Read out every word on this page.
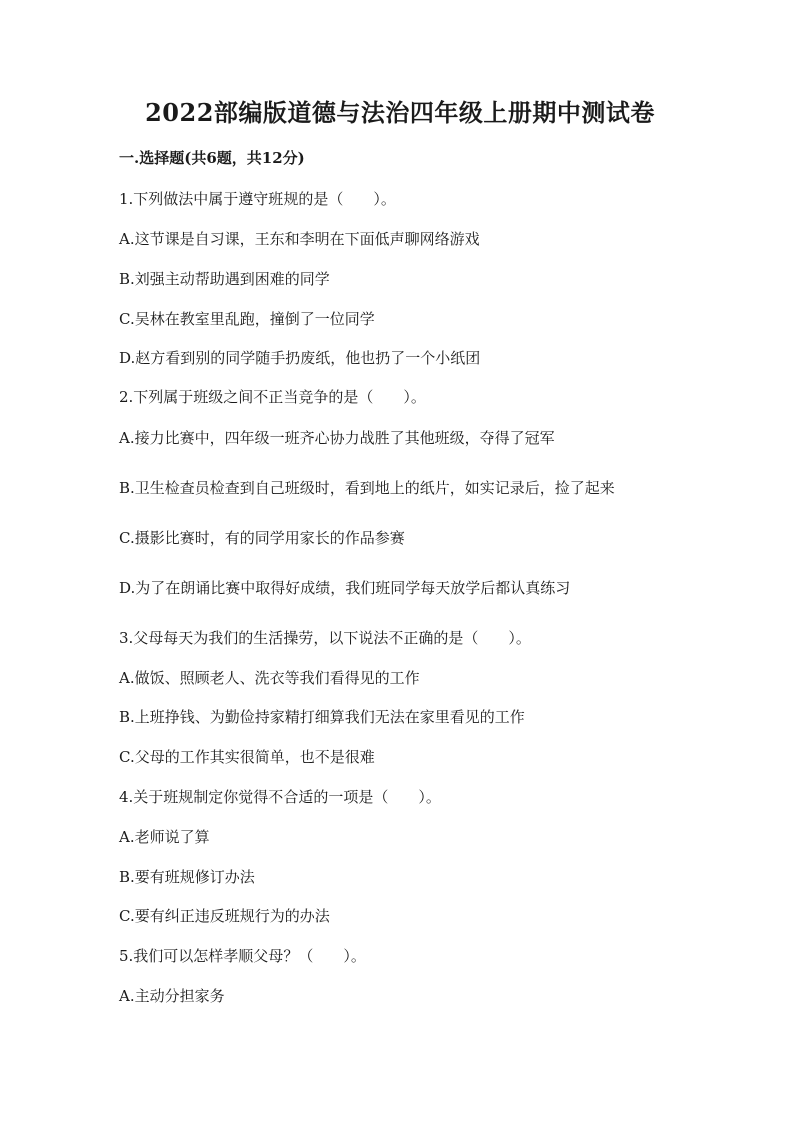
2022部编版道德与法治四年级上册期中测试卷
一.选择题(共6题，共12分)
1.下列做法中属于遵守班规的是（　　）。
A.这节课是自习课，王东和李明在下面低声聊网络游戏
B.刘强主动帮助遇到困难的同学
C.吴林在教室里乱跑，撞倒了一位同学
D.赵方看到别的同学随手扔废纸，他也扔了一个小纸团
2.下列属于班级之间不正当竞争的是（　　）。
A.接力比赛中，四年级一班齐心协力战胜了其他班级，夺得了冠军
B.卫生检查员检查到自己班级时，看到地上的纸片，如实记录后，捡了起来
C.摄影比赛时，有的同学用家长的作品参赛
D.为了在朗诵比赛中取得好成绩，我们班同学每天放学后都认真练习
3.父母每天为我们的生活操劳，以下说法不正确的是（　　）。
A.做饭、照顾老人、洗衣等我们看得见的工作
B.上班挣钱、为勤俭持家精打细算我们无法在家里看见的工作
C.父母的工作其实很简单，也不是很难
4.关于班规制定你觉得不合适的一项是（　　）。
A.老师说了算
B.要有班规修订办法
C.要有纠正违反班规行为的办法
5.我们可以怎样孝顺父母？（　　）。
A.主动分担家务
